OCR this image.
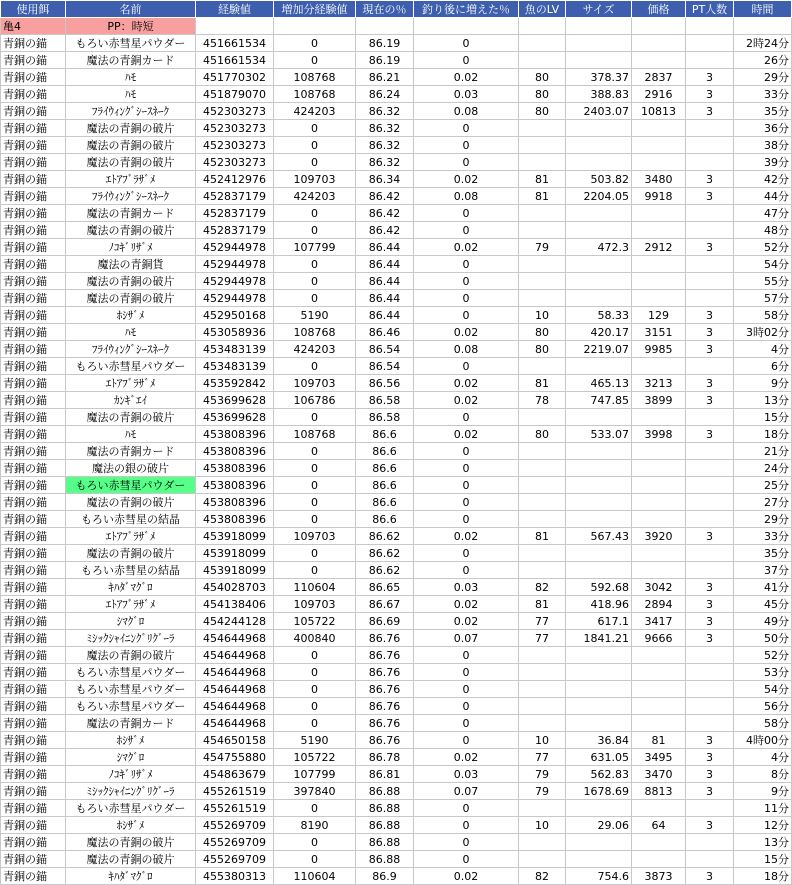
使用餌	名前	経験値	増加分経験値	現在の％	釣り後に増えた％	魚のLV	サイズ	価格	PT人数	時間
亀4	PP：時短									
青銅の錨	もろい赤彗星パウダー	451661534	0	86.19	0					2時24分
青銅の錨	魔法の青銅カード	451661534	0	86.19	0					26分
青銅の錨	ﾊﾓ	451770302	108768	86.21	0.02	80	378.37	2837	3	29分
青銅の錨	ﾊﾓ	451879070	108768	86.24	0.03	80	388.83	2916	3	33分
青銅の錨	ﾌﾗｲｳｨﾝｸﾞｼｰｽﾈｰｸ	452303273	424203	86.32	0.08	80	2403.07	10813	3	35分
青銅の錨	魔法の青銅の破片	452303273	0	86.32	0					36分
青銅の錨	魔法の青銅の破片	452303273	0	86.32	0					38分
青銅の錨	魔法の青銅の破片	452303273	0	86.32	0					39分
青銅の錨	ｴﾄｱﾌﾞﾗｻﾞﾒ	452412976	109703	86.34	0.02	81	503.82	3480	3	42分
青銅の錨	ﾌﾗｲｳｨﾝｸﾞｼｰｽﾈｰｸ	452837179	424203	86.42	0.08	81	2204.05	9918	3	44分
青銅の錨	魔法の青銅カード	452837179	0	86.42	0					47分
青銅の錨	魔法の青銅の破片	452837179	0	86.42	0					48分
青銅の錨	ﾉｺｷﾞﾘｻﾞﾒ	452944978	107799	86.44	0.02	79	472.3	2912	3	52分
青銅の錨	魔法の青銅貨	452944978	0	86.44	0					54分
青銅の錨	魔法の青銅の破片	452944978	0	86.44	0					55分
青銅の錨	魔法の青銅の破片	452944978	0	86.44	0					57分
青銅の錨	ﾎｼｻﾞﾒ	452950168	5190	86.44	0	10	58.33	129	3	58分
青銅の錨	ﾊﾓ	453058936	108768	86.46	0.02	80	420.17	3151	3	3時02分
青銅の錨	ﾌﾗｲｳｨﾝｸﾞｼｰｽﾈｰｸ	453483139	424203	86.54	0.08	80	2219.07	9985	3	4分
青銅の錨	もろい赤彗星パウダー	453483139	0	86.54	0					6分
青銅の錨	ｴﾄｱﾌﾞﾗｻﾞﾒ	453592842	109703	86.56	0.02	81	465.13	3213	3	9分
青銅の錨	ｶﾝｷﾞｴｲ	453699628	106786	86.58	0.02	78	747.85	3899	3	13分
青銅の錨	魔法の青銅の破片	453699628	0	86.58	0					15分
青銅の錨	ﾊﾓ	453808396	108768	86.6	0.02	80	533.07	3998	3	18分
青銅の錨	魔法の青銅カード	453808396	0	86.6	0					21分
青銅の錨	魔法の銀の破片	453808396	0	86.6	0					24分
青銅の錨	もろい赤彗星パウダー	453808396	0	86.6	0					25分
青銅の錨	魔法の青銅の破片	453808396	0	86.6	0					27分
青銅の錨	もろい赤彗星の結晶	453808396	0	86.6	0					29分
青銅の錨	ｴﾄｱﾌﾞﾗｻﾞﾒ	453918099	109703	86.62	0.02	81	567.43	3920	3	33分
青銅の錨	魔法の青銅の破片	453918099	0	86.62	0					35分
青銅の錨	もろい赤彗星の結晶	453918099	0	86.62	0					37分
青銅の錨	ｷﾊﾀﾞﾏｸﾞﾛ	454028703	110604	86.65	0.03	82	592.68	3042	3	41分
青銅の錨	ｴﾄｱﾌﾞﾗｻﾞﾒ	454138406	109703	86.67	0.02	81	418.96	2894	3	45分
青銅の錨	ｼﾏｸﾞﾛ	454244128	105722	86.69	0.02	77	617.1	3417	3	49分
青銅の錨	ﾐｼｯｸｼｬｲﾆﾝｸﾞﾘｸﾞｰﾗ	454644968	400840	86.76	0.07	77	1841.21	9666	3	50分
青銅の錨	魔法の青銅の破片	454644968	0	86.76	0					52分
青銅の錨	もろい赤彗星パウダー	454644968	0	86.76	0					53分
青銅の錨	もろい赤彗星パウダー	454644968	0	86.76	0					54分
青銅の錨	もろい赤彗星パウダー	454644968	0	86.76	0					56分
青銅の錨	魔法の青銅カード	454644968	0	86.76	0					58分
青銅の錨	ﾎｼｻﾞﾒ	454650158	5190	86.76	0	10	36.84	81	3	4時00分
青銅の錨	ｼﾏｸﾞﾛ	454755880	105722	86.78	0.02	77	631.05	3495	3	4分
青銅の錨	ﾉｺｷﾞﾘｻﾞﾒ	454863679	107799	86.81	0.03	79	562.83	3470	3	8分
青銅の錨	ﾐｼｯｸｼｬｲﾆﾝｸﾞﾘｸﾞｰﾗ	455261519	397840	86.88	0.07	79	1678.69	8813	3	9分
青銅の錨	もろい赤彗星パウダー	455261519	0	86.88	0					11分
青銅の錨	ﾎｼｻﾞﾒ	455269709	8190	86.88	0	10	29.06	64	3	12分
青銅の錨	魔法の青銅の破片	455269709	0	86.88	0					13分
青銅の錨	魔法の青銅の破片	455269709	0	86.88	0					15分
青銅の錨	ｷﾊﾀﾞﾏｸﾞﾛ	455380313	110604	86.9	0.02	82	754.6	3873	3	18分
